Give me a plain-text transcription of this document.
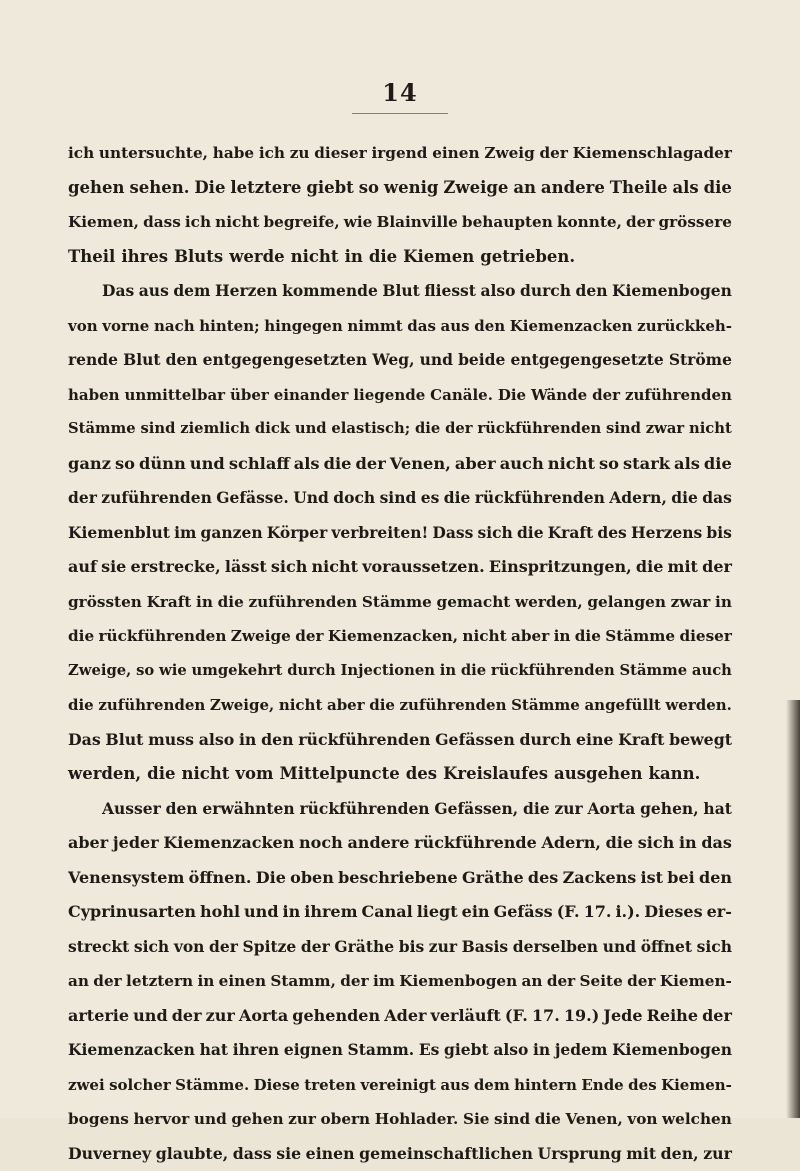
14
ich untersuchte, habe ich zu dieser irgend einen Zweig der Kiemenschlagader
gehen sehen. Die letztere giebt so wenig Zweige an andere Theile als die
Kiemen, dass ich nicht begreife, wie Blainville behaupten konnte, der grössere
Theil ihres Bluts werde nicht in die Kiemen getrieben.
Das aus dem Herzen kommende Blut fliesst also durch den Kiemenbogen
von vorne nach hinten; hingegen nimmt das aus den Kiemenzacken zurückkeh-
rende Blut den entgegengesetzten Weg, und beide entgegengesetzte Ströme
haben unmittelbar über einander liegende Canäle. Die Wände der zuführenden
Stämme sind ziemlich dick und elastisch; die der rückführenden sind zwar nicht
ganz so dünn und schlaff als die der Venen, aber auch nicht so stark als die
der zuführenden Gefässe. Und doch sind es die rückführenden Adern, die das
Kiemenblut im ganzen Körper verbreiten! Dass sich die Kraft des Herzens bis
auf sie erstrecke, lässt sich nicht voraussetzen. Einspritzungen, die mit der
grössten Kraft in die zuführenden Stämme gemacht werden, gelangen zwar in
die rückführenden Zweige der Kiemenzacken, nicht aber in die Stämme dieser
Zweige, so wie umgekehrt durch Injectionen in die rückführenden Stämme auch
die zuführenden Zweige, nicht aber die zuführenden Stämme angefüllt werden.
Das Blut muss also in den rückführenden Gefässen durch eine Kraft bewegt
werden, die nicht vom Mittelpuncte des Kreislaufes ausgehen kann.
Ausser den erwähnten rückführenden Gefässen, die zur Aorta gehen, hat
aber jeder Kiemenzacken noch andere rückführende Adern, die sich in das
Venensystem öffnen. Die oben beschriebene Gräthe des Zackens ist bei den
Cyprinusarten hohl und in ihrem Canal liegt ein Gefäss (F. 17. i.). Dieses er-
streckt sich von der Spitze der Gräthe bis zur Basis derselben und öffnet sich
an der letztern in einen Stamm, der im Kiemenbogen an der Seite der Kiemen-
arterie und der zur Aorta gehenden Ader verläuft (F. 17. 19.) Jede Reihe der
Kiemenzacken hat ihren eignen Stamm. Es giebt also in jedem Kiemenbogen
zwei solcher Stämme. Diese treten vereinigt aus dem hintern Ende des Kiemen-
bogens hervor und gehen zur obern Hohlader. Sie sind die Venen, von welchen
Duverney glaubte, dass sie einen gemeinschaftlichen Ursprung mit den, zur
